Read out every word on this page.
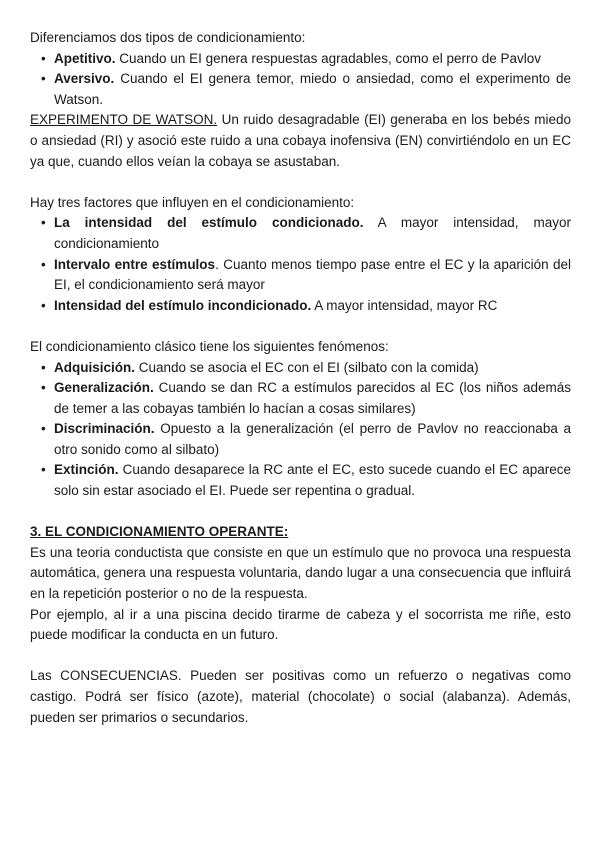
Diferenciamos dos tipos de condicionamiento:

• Apetitivo. Cuando un EI genera respuestas agradables, como el perro de Pavlov
• Aversivo. Cuando el EI genera temor, miedo o ansiedad, como el experimento de Watson.

EXPERIMENTO DE WATSON. Un ruido desagradable (EI) generaba en los bebés miedo o ansiedad (RI) y asoció este ruido a una cobaya inofensiva (EN) convirtiéndolo en un EC ya que, cuando ellos veían la cobaya se asustaban.

Hay tres factores que influyen en el condicionamiento:

• La intensidad del estímulo condicionado. A mayor intensidad, mayor condicionamiento
• Intervalo entre estímulos. Cuanto menos tiempo pase entre el EC y la aparición del EI, el condicionamiento será mayor
• Intensidad del estímulo incondicionado. A mayor intensidad, mayor RC

El condicionamiento clásico tiene los siguientes fenómenos:

• Adquisición. Cuando se asocia el EC con el EI (silbato con la comida)
• Generalización. Cuando se dan RC a estímulos parecidos al EC (los niños además de temer a las cobayas también lo hacían a cosas similares)
• Discriminación. Opuesto a la generalización (el perro de Pavlov no reaccionaba a otro sonido como al silbato)
• Extinción. Cuando desaparece la RC ante el EC, esto sucede cuando el EC aparece solo sin estar asociado el EI. Puede ser repentina o gradual.
3. EL CONDICIONAMIENTO OPERANTE:

Es una teoria conductista que consiste en que un estímulo que no provoca una respuesta automática, genera una respuesta voluntaria, dando lugar a una consecuencia que influirá en la repetición posterior o no de la respuesta.

Por ejemplo, al ir a una piscina decido tirarme de cabeza y el socorrista me riñe, esto puede modificar la conducta en un futuro.

Las CONSECUENCIAS. Pueden ser positivas como un refuerzo o negativas como castigo. Podrá ser físico (azote), material (chocolate) o social (alabanza). Además, pueden ser primarios o secundarios.
